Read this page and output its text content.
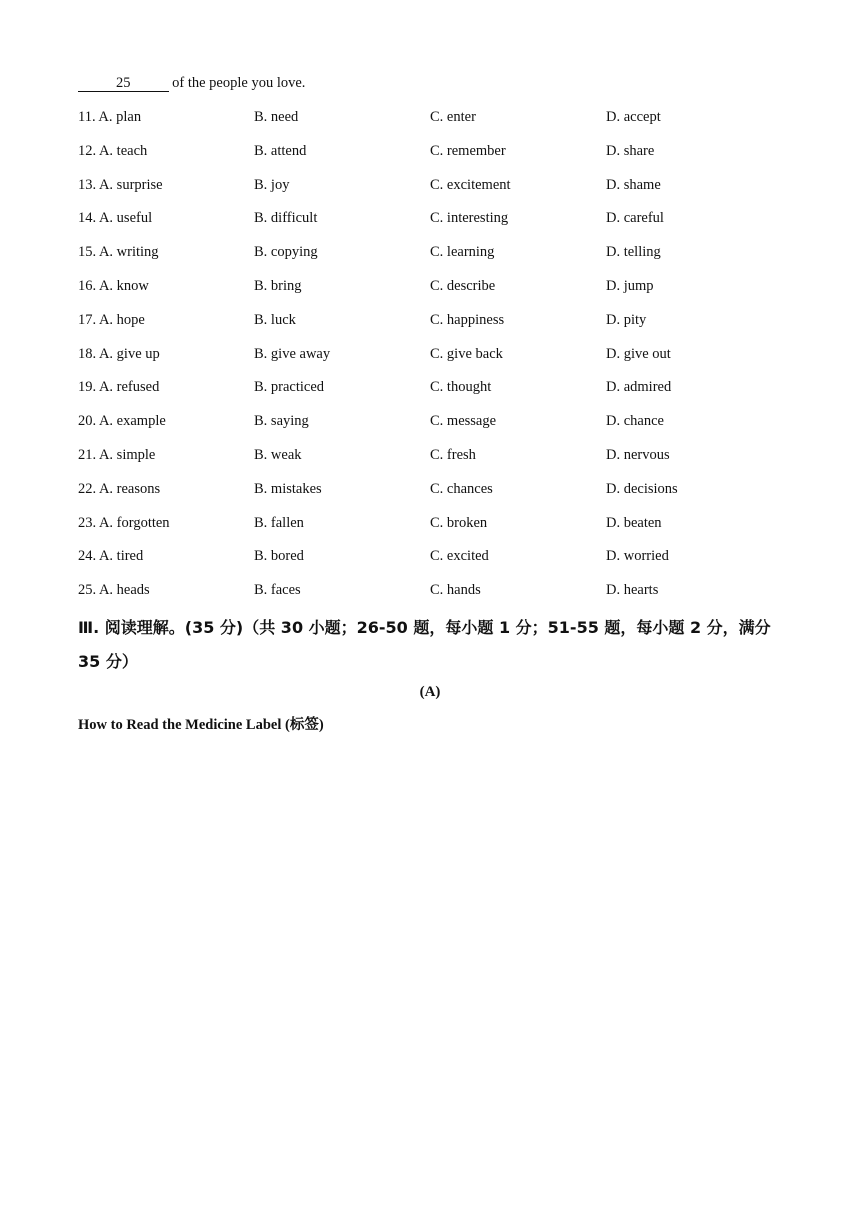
25	of the people you love.
11. A. plan	B. need	C. enter	D. accept
12. A. teach	B. attend	C. remember	D. share
13. A. surprise	B. joy	C. excitement	D. shame
14. A. useful	B. difficult	C. interesting	D. careful
15. A. writing	B. copying	C. learning	D. telling
16. A. know	B. bring	C. describe	D. jump
17. A. hope	B. luck	C. happiness	D. pity
18. A. give up	B. give away	C. give back	D. give out
19. A. refused	B. practiced	C. thought	D. admired
20. A. example	B. saying	C. message	D. chance
21. A. simple	B. weak	C. fresh	D. nervous
22. A. reasons	B. mistakes	C. chances	D. decisions
23. A. forgotten	B. fallen	C. broken	D. beaten
24. A. tired	B. bored	C. excited	D. worried
25. A. heads	B. faces	C. hands	D. hearts
Ⅲ. 阅读理解。(35 分)（共 30 小题；26-50 题，每小题 1 分；51-55 题，每小题 2 分，满分 35 分）
(A)
How to Read the Medicine Label (标签)
